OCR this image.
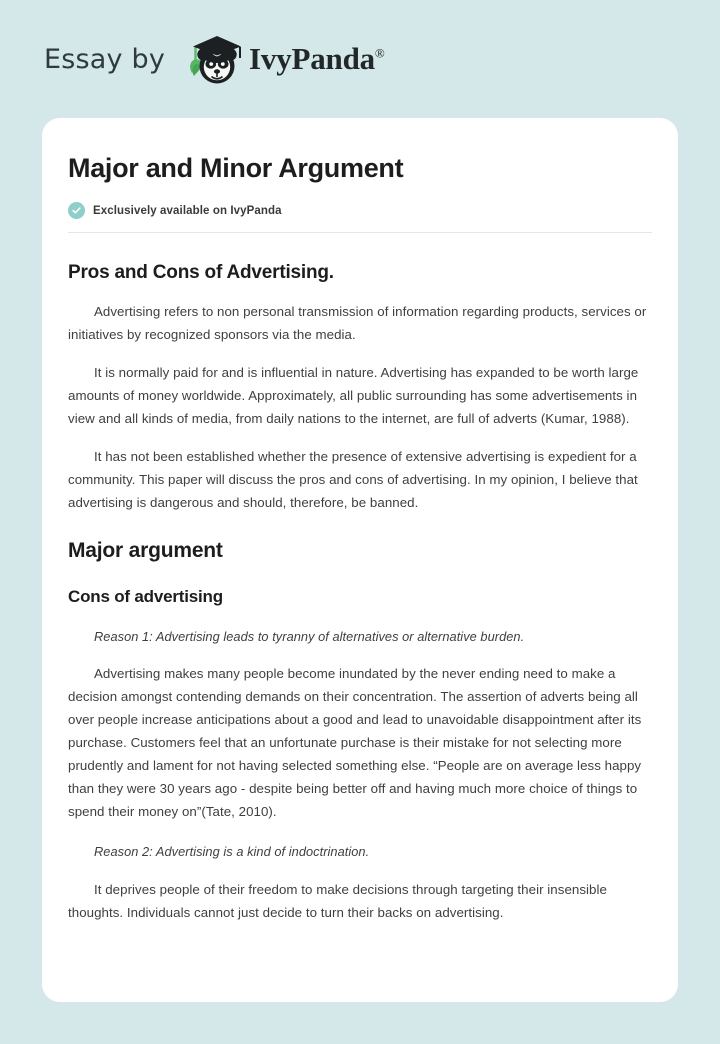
Essay by	IvyPanda®
Major and Minor Argument
Exclusively available on IvyPanda
Pros and Cons of Advertising.

Advertising refers to non personal transmission of information regarding products, services or initiatives by recognized sponsors via the media.

It is normally paid for and is influential in nature. Advertising has expanded to be worth large amounts of money worldwide. Approximately, all public surrounding has some advertisements in view and all kinds of media, from daily nations to the internet, are full of adverts (Kumar, 1988).

It has not been established whether the presence of extensive advertising is expedient for a community. This paper will discuss the pros and cons of advertising. In my opinion, I believe that advertising is dangerous and should, therefore, be banned.

Major argument
Cons of advertising

Reason 1: Advertising leads to tyranny of alternatives or alternative burden.

Advertising makes many people become inundated by the never ending need to make a decision amongst contending demands on their concentration. The assertion of adverts being all over people increase anticipations about a good and lead to unavoidable disappointment after its purchase. Customers feel that an unfortunate purchase is their mistake for not selecting more prudently and lament for not having selected something else. “People are on average less happy than they were 30 years ago - despite being better off and having much more choice of things to spend their money on”(Tate, 2010).

Reason 2: Advertising is a kind of indoctrination.

It deprives people of their freedom to make decisions through targeting their insensible thoughts. Individuals cannot just decide to turn their backs on advertising.
